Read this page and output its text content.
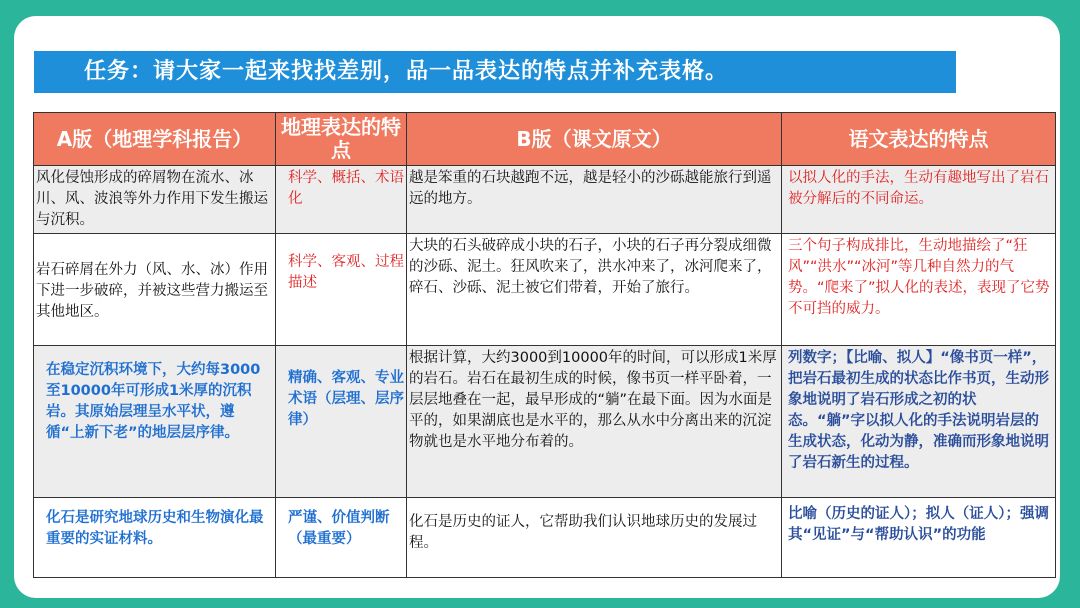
任务：请大家一起来找找差别，品一品表达的特点并补充表格。
A版（地理学科报告）	地理表达的特点	B版（课文原文）	语文表达的特点
风化侵蚀形成的碎屑物在流水、冰川、风、波浪等外力作用下发生搬运与沉积。	科学、概括、术语化	越是笨重的石块越跑不远，越是轻小的沙砾越能旅行到遥远的地方。	以拟人化的手法，生动有趣地写出了岩石被分解后的不同命运。
岩石碎屑在外力（风、水、冰）作用下进一步破碎，并被这些营力搬运至其他地区。	科学、客观、过程描述	大块的石头破碎成小块的石子，小块的石子再分裂成细微的沙砾、泥土。狂风吹来了，洪水冲来了，冰河爬来了，碎石、沙砾、泥土被它们带着，开始了旅行。	三个句子构成排比，生动地描绘了“狂风”“洪水”“冰河”等几种自然力的气势。“爬来了”拟人化的表述，表现了它势不可挡的威力。
在稳定沉积环境下，大约每3000至10000年可形成1米厚的沉积岩。其原始层理呈水平状，遵循“上新下老”的地层层序律。	精确、客观、专业术语（层理、层序律）	根据计算，大约3000到10000年的时间，可以形成1米厚的岩石。岩石在最初生成的时候，像书页一样平卧着，一层层地叠在一起，最早形成的“躺”在最下面。因为水面是平的，如果湖底也是水平的，那么从水中分离出来的沉淀物就也是水平地分布着的。	列数字；【比喻、拟人】“像书页一样”，把岩石最初生成的状态比作书页，生动形象地说明了岩石形成之初的状态。“躺”字以拟人化的手法说明岩层的生成状态，化动为静，准确而形象地说明了岩石新生的过程。
化石是研究地球历史和生物演化最重要的实证材料。	严谨、价值判断（最重要）	化石是历史的证人，它帮助我们认识地球历史的发展过程。	比喻（历史的证人）；拟人（证人）；强调其“见证”与“帮助认识”的功能
